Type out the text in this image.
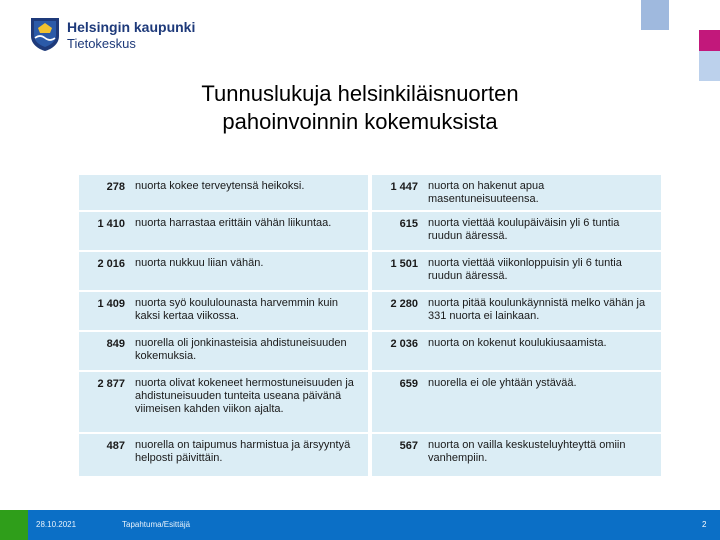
Helsingin kaupunki
Tietokeskus
Tunnuslukuja helsinkiläisnuorten
pahoinvoinnin kokemuksista
278 nuorta kokee terveytensä heikoksi.
1 410 nuorta harrastaa erittäin vähän liikuntaa.
2 016 nuorta nukkuu liian vähän.
1 409 nuorta syö koululounasta harvemmin kuin kaksi kertaa viikossa.
849 nuorella oli jonkinasteisia ahdistuneisuuden kokemuksia.
2 877 nuorta olivat kokeneet hermostuneisuuden ja ahdistuneisuuden tunteita useana päivänä viimeisen kahden viikon ajalta.
487 nuorella on taipumus harmistua ja ärsyyntyä helposti päivittäin.
1 447 nuorta on hakenut apua masentuneisuuteensa.
615 nuorta viettää koulupäiväisin yli 6 tuntia ruudun ääressä.
1 501 nuorta viettää viikonloppuisin yli 6 tuntia ruudun ääressä.
2 280 nuorta pitää koulunkäynnistä melko vähän ja 331 nuorta ei lainkaan.
2 036 nuorta on kokenut koulukiusaamista.
659 nuorella ei ole yhtään ystävää.
567 nuorta on vailla keskusteluyhteyttä omiin vanhempiin.
28.10.2021	Tapahtuma/Esittäjä	2
